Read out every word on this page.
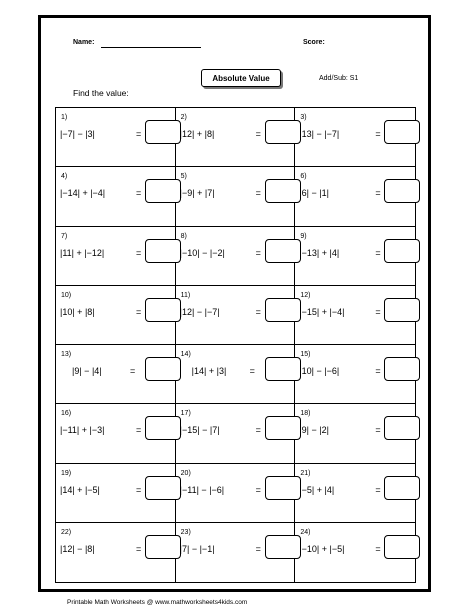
Name:	Score:
Absolute Value	Add/Sub: S1
Find the value:
1)
|−7| − |3|	=
2)
|12| + |8|	=
3)
|13| − |−7|	=
4)
|−14| + |−4|	=
5)
|−9| + |7|	=
6)
|6| − |1|	=
7)
|11| + |−12|	=
8)
|−10| − |−2|	=
9)
|−13| + |4|	=
10)
|10| + |8|	=
11)
|12| − |−7|	=
12)
|−15| + |−4|	=
13)
|9| − |4|	=
14)
|14| + |3|	=
15)
|10| − |−6|	=
16)
|−11| + |−3|	=
17)
|−15| − |7|	=
18)
|9| − |2|	=
19)
|14| + |−5|	=
20)
|−11| − |−6|	=
21)
|−5| + |4|	=
22)
|12| − |8|	=
23)
|7| − |−1|	=
24)
|−10| + |−5|	=
Printable Math Worksheets @ www.mathworksheets4kids.com
